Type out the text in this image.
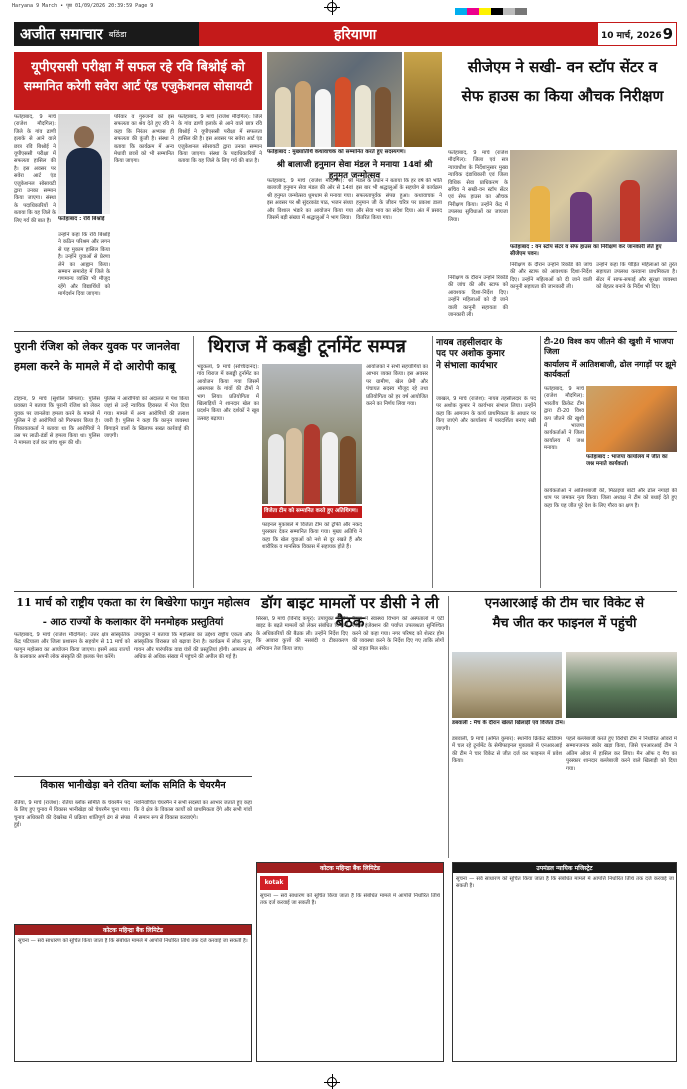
Haryana 9 March • पृष्ठ 01/09/2026 20:39:59 Page 9
अजीत समाचार बठिंडा	हरियाणा	10 मार्च, 2026 9
यूपीएससी परीक्षा में सफल रहे रवि बिश्नोई को
सम्मानित करेगी सवेरा आर्ट एंड एजुकेशनल सोसायटी
फतेहाबाद, 9 मार्च (राजेश मौदगिल): जिले के गांव ढाणी इलाके से आने वाले छात्र रवि बिश्नोई ने यूपीएससी परीक्षा में सफलता हासिल की है। इस अवसर पर सवेरा आर्ट एंड एजुकेशनल सोसायटी द्वारा उनका सम्मान किया जाएगा। संस्था के पदाधिकारियों ने बताया कि यह जिले के लिए गर्व की बात है।	फतेहाबाद : रवि बिश्नोई
उन्होंने कहा कि रवि बिश्नोई ने कठिन परिश्रम और लगन से यह मुकाम हासिल किया है। उन्होंने युवाओं से प्रेरणा लेने का आह्वान किया। सम्मान समारोह में जिले के गणमान्य व्यक्ति भी मौजूद रहेंगे और विद्यार्थियों को मार्गदर्शन दिया जाएगा।
परिवार व गुरुजनों को इस सफलता का श्रेय देते हुए रवि ने कहा कि निरंतर अभ्यास ही सफलता की कुंजी है। संस्था ने बताया कि कार्यक्रम में अन्य मेधावी छात्रों को भी सम्मानित किया जाएगा।
फतेहाबाद, 9 मार्च (राजेश मौदगिल): जिले के गांव ढाणी इलाके से आने वाले छात्र रवि बिश्नोई ने यूपीएससी परीक्षा में सफलता हासिल की है। इस अवसर पर सवेरा आर्ट एंड एजुकेशनल सोसायटी द्वारा उनका सम्मान किया जाएगा। संस्था के पदाधिकारियों ने बताया कि यह जिले के लिए गर्व की बात है।
फतेहाबाद : मुख्यातिथि कथावाचक को सम्मानित करते हुए सदस्यगण।
श्री बालाजी हनुमान सेवा मंडल ने मनाया 14वां श्री हनुमत जन्मोत्सव
फतेहाबाद, 9 मार्च (राजेश मौदगिल): श्री बालाजी हनुमान सेवा मंडल की ओर से 14वां श्री हनुमत जन्मोत्सव धूमधाम से मनाया गया। इस अवसर पर श्री सुंदरकांड पाठ, भजन संध्या और विशाल भंडारे का आयोजन किया गया जिसमें बड़ी संख्या में श्रद्धालुओं ने भाग लिया।
मंडल के प्रधान ने बताया कि हर वर्ष की भांति इस बार भी श्रद्धालुओं के सहयोग से कार्यक्रम सफलतापूर्वक संपन्न हुआ। कथावाचक ने हनुमान जी के जीवन चरित्र पर प्रकाश डाला और सेवा भाव का संदेश दिया। अंत में प्रसाद वितरित किया गया।
सीजेएम ने सखी- वन स्टॉप सेंटर व
सेफ हाउस का किया औचक निरीक्षण
फतेहाबाद, 9 मार्च (राजेश मौदगिल): जिला एवं सत्र न्यायाधीश के निर्देशानुसार मुख्य न्यायिक दंडाधिकारी एवं जिला विधिक सेवा प्राधिकरण के सचिव ने सखी-वन स्टॉप सेंटर एवं सेफ हाउस का औचक निरीक्षण किया। उन्होंने केंद्र में उपलब्ध सुविधाओं का जायजा लिया।
फतेहाबाद : वन स्टॉप सेंटर व सेफ हाउस का निरीक्षण कर जानकारी लेते हुए सीजेएम पवन।
निरीक्षण के दौरान उन्होंने रिकॉर्ड की जांच की और स्टाफ को आवश्यक दिशा-निर्देश दिए। उन्होंने महिलाओं को दी जाने वाली कानूनी सहायता की जानकारी ली।
उन्होंने कहा कि पीड़ित महिलाओं को तुरंत सहायता उपलब्ध करवाना प्राथमिकता है। सेंटर में साफ-सफाई और सुरक्षा व्यवस्था को बेहतर बनाने के निर्देश भी दिए।
निरीक्षण के दौरान उन्होंने रिकॉर्ड की जांच की और स्टाफ को आवश्यक दिशा-निर्देश दिए। उन्होंने महिलाओं को दी जाने वाली कानूनी सहायता की जानकारी ली।
पुरानी रंजिश को लेकर युवक पर जानलेवा
हमला करने के मामले में दो आरोपी काबू
टोहाना, 9 मार्च (सुशील सिंगला): पुलिस प्रवक्ता ने बताया कि पुरानी रंजिश को लेकर युवक पर जानलेवा हमला करने के मामले में पुलिस ने दो आरोपियों को गिरफ्तार किया है। शिकायतकर्ता ने बताया था कि आरोपियों ने उस पर लाठी-डंडों से हमला किया था। पुलिस ने मामला दर्ज कर जांच शुरू की थी।
पुलिस ने आरोपियों को अदालत में पेश किया जहां से उन्हें न्यायिक हिरासत में भेज दिया गया। मामले में अन्य आरोपियों की तलाश जारी है। पुलिस ने कहा कि कानून व्यवस्था बिगाड़ने वालों के खिलाफ सख्त कार्रवाई की जाएगी।
थिराज में कबड्डी टूर्नामेंट सम्पन्न
भट्टूकलां, 9 मार्च (सच्चिदानंद): गांव थिराज में कबड्डी टूर्नामेंट का आयोजन किया गया जिसमें आसपास के गांवों की टीमों ने भाग लिया। प्रतियोगिता में खिलाड़ियों ने शानदार खेल का प्रदर्शन किया और दर्शकों ने खूब उत्साह बढ़ाया।
विजेता टीम को सम्मानित करते हुए अतिथिगण।
फाइनल मुकाबले में विजेता टीम को ट्रॉफी और नकद पुरस्कार देकर सम्मानित किया गया। मुख्य अतिथि ने कहा कि खेल युवाओं को नशे से दूर रखते हैं और शारीरिक व मानसिक विकास में सहायक होते हैं।
आयोजकों ने सभी सहयोगियों का आभार व्यक्त किया। इस अवसर पर ग्रामीण, खेल प्रेमी और पंचायत सदस्य मौजूद रहे तथा प्रतियोगिता को हर वर्ष आयोजित करने का निर्णय लिया गया।
नायब तहसीलदार के
पद पर अशोक कुमार
ने संभाला कार्यभार
जाखल, 9 मार्च (राजेश): नायब तहसीलदार के पद पर अशोक कुमार ने कार्यभार संभाल लिया। उन्होंने कहा कि आमजन के कार्य प्राथमिकता के आधार पर किए जाएंगे और कार्यालय में पारदर्शिता बनाए रखी जाएगी।
टी-20 विश्व कप जीतने की खुशी में भाजपा जिला
कार्यालय में आतिशबाजी, ढोल नगाड़ों पर झूमे कार्यकर्ता
फतेहाबाद, 9 मार्च (राजेश मौदगिल): भारतीय क्रिकेट टीम द्वारा टी-20 विश्व कप जीतने की खुशी में भाजपा कार्यकर्ताओं ने जिला कार्यालय में जश्न मनाया।
फतेहाबाद : भाजपा कार्यालय में जीत का जश्न मनाते कार्यकर्ता।
कार्यकर्ताओं ने आतिशबाजी की, मिठाइयां बांटी और ढोल नगाड़ों की थाप पर जमकर नृत्य किया। जिला अध्यक्ष ने टीम को बधाई देते हुए कहा कि यह जीत पूरे देश के लिए गौरव का क्षण है।
11 मार्च को राष्ट्रीय एकता का रंग बिखेरेगा फागुन महोत्सव
- आठ राज्यों के कलाकार देंगे मनमोहक प्रस्तुतियां
फतेहाबाद, 9 मार्च (राजेश मौदगिल): उत्तर क्षेत्र सांस्कृतिक केंद्र पटियाला और जिला प्रशासन के सहयोग से 11 मार्च को फागुन महोत्सव का आयोजन किया जाएगा। इसमें आठ राज्यों के कलाकार अपनी लोक संस्कृति की झलक पेश करेंगे।
उपायुक्त ने बताया कि महोत्सव का उद्देश्य राष्ट्रीय एकता और सांस्कृतिक विरासत को बढ़ावा देना है। कार्यक्रम में लोक नृत्य, गायन और पारंपरिक वाद्य यंत्रों की प्रस्तुतियां होंगी। आमजन से अधिक से अधिक संख्या में पहुंचने की अपील की गई है।
डॉग बाइट मामलों पर डीसी ने ली बैठक
सिरसा, 9 मार्च (विनोद कपूर): उपायुक्त ने डॉग बाइट के बढ़ते मामलों को लेकर संबंधित विभागों के अधिकारियों की बैठक ली। उन्होंने निर्देश दिए कि आवारा कुत्तों की नसबंदी व टीकाकरण अभियान तेज किया जाए।
बैठक में स्वास्थ्य विभाग को अस्पतालों में एंटी रेबीज इंजेक्शन की पर्याप्त उपलब्धता सुनिश्चित करने को कहा गया। नगर परिषद को शेल्टर होम की व्यवस्था करने के निर्देश दिए गए ताकि लोगों को राहत मिल सके।
एनआरआई की टीम चार विकेट से
मैच जीत कर फाइनल में पहुंची
डबवाली : मैच के दौरान खेलते खिलाड़ी एवं विजेता टीम।
डबवाली, 9 मार्च (अमित कुमार): स्थानीय क्रिकेट स्टेडियम में चल रहे टूर्नामेंट के सेमीफाइनल मुकाबले में एनआरआई की टीम ने चार विकेट से जीत दर्ज कर फाइनल में प्रवेश किया।
पहले बल्लेबाजी करते हुए विरोधी टीम ने निर्धारित ओवरों में सम्मानजनक स्कोर खड़ा किया, जिसे एनआरआई टीम ने अंतिम ओवर में हासिल कर लिया। मैन ऑफ द मैच का पुरस्कार शानदार बल्लेबाजी करने वाले खिलाड़ी को दिया गया।
विकास भानीखेड़ा बने रतिया ब्लॉक समिति के चेयरमैन
रतिया, 9 मार्च (राजेश): रतिया ब्लॉक समिति के चेयरमैन पद के लिए हुए चुनाव में विकास भानीखेड़ा को चेयरमैन चुना गया। चुनाव अधिकारी की देखरेख में प्रक्रिया शांतिपूर्ण ढंग से संपन्न हुई।
नवनिर्वाचित चेयरमैन ने सभी सदस्यों का आभार जताते हुए कहा कि वे क्षेत्र के विकास कार्यों को प्राथमिकता देंगे और सभी गांवों में समान रूप से विकास करवाएंगे।
कोटक महिन्द्रा बैंक लिमिटेड
kotak
सूचना — सर्व साधारण को सूचित किया जाता है कि संबंधित मामले में आपत्ति निर्धारित तिथि तक दर्ज करवाई जा सकती है।
उपमंडल न्यायिक मजिस्ट्रेट
सूचना — सर्व साधारण को सूचित किया जाता है कि संबंधित मामले में आपत्ति निर्धारित तिथि तक दर्ज करवाई जा सकती है।
कोटक महिन्द्रा बैंक लिमिटेड
सूचना — सर्व साधारण को सूचित किया जाता है कि संबंधित मामले में आपत्ति निर्धारित तिथि तक दर्ज करवाई जा सकती है।
